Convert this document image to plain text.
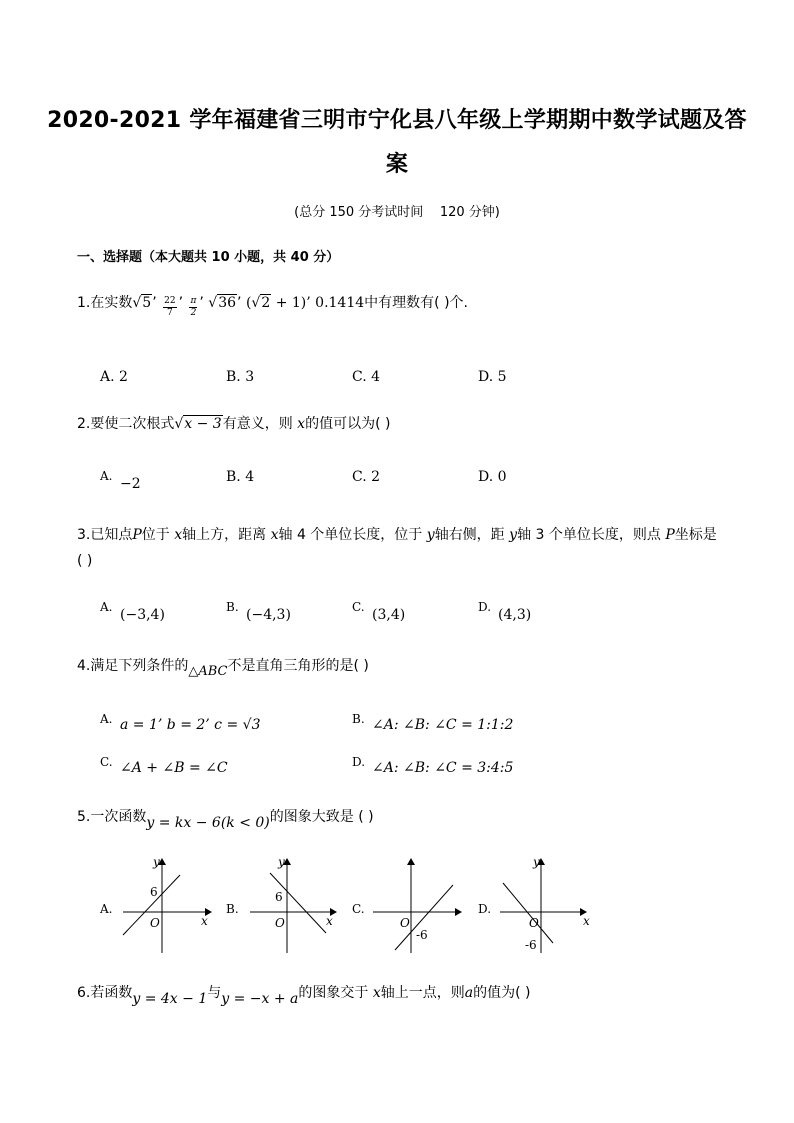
2020-2021 学年福建省三明市宁化县八年级上学期期中数学试题及答
案
(总分 150 分考试时间 120 分钟)
一、选择题（本大题共 10 小题，共 40 分）
1.在实数√5’ $\frac{22}{7}$ ’ $\frac{\pi}{2}$ ’ √36’ (√2 + 1)’ 0.1414中有理数有( )个.
A. 2	B. 3	C. 4	D. 5
2.要使二次根式√x − 3有意义，则 x的值可以为( )
A. −2	B. 4	C. 2	D. 0
3.已知点P位于 x轴上方，距离 x轴 4 个单位长度，位于 y轴右侧，距 y轴 3 个单位长度，则点 P坐标是
( )
A. (−3,4)	B. (−4,3)	C. (3,4)	D. (4,3)
4.满足下列条件的△ABC不是直角三角形的是( )
A. a = 1’ b = 2’ c = √3	B. ∠A: ∠B: ∠C = 1:1:2
C. ∠A + ∠B = ∠C	D. ∠A: ∠B: ∠C = 3:4:5
5.一次函数y = kx − 6(k < 0)的图象大致是 ( )
A.	B.	C.	D.
y
x
O
6
y
x
O
6
O
-6
y
x
O
-6
6.若函数y = 4x − 1与y = −x + a的图象交于 x轴上一点，则a的值为( )
